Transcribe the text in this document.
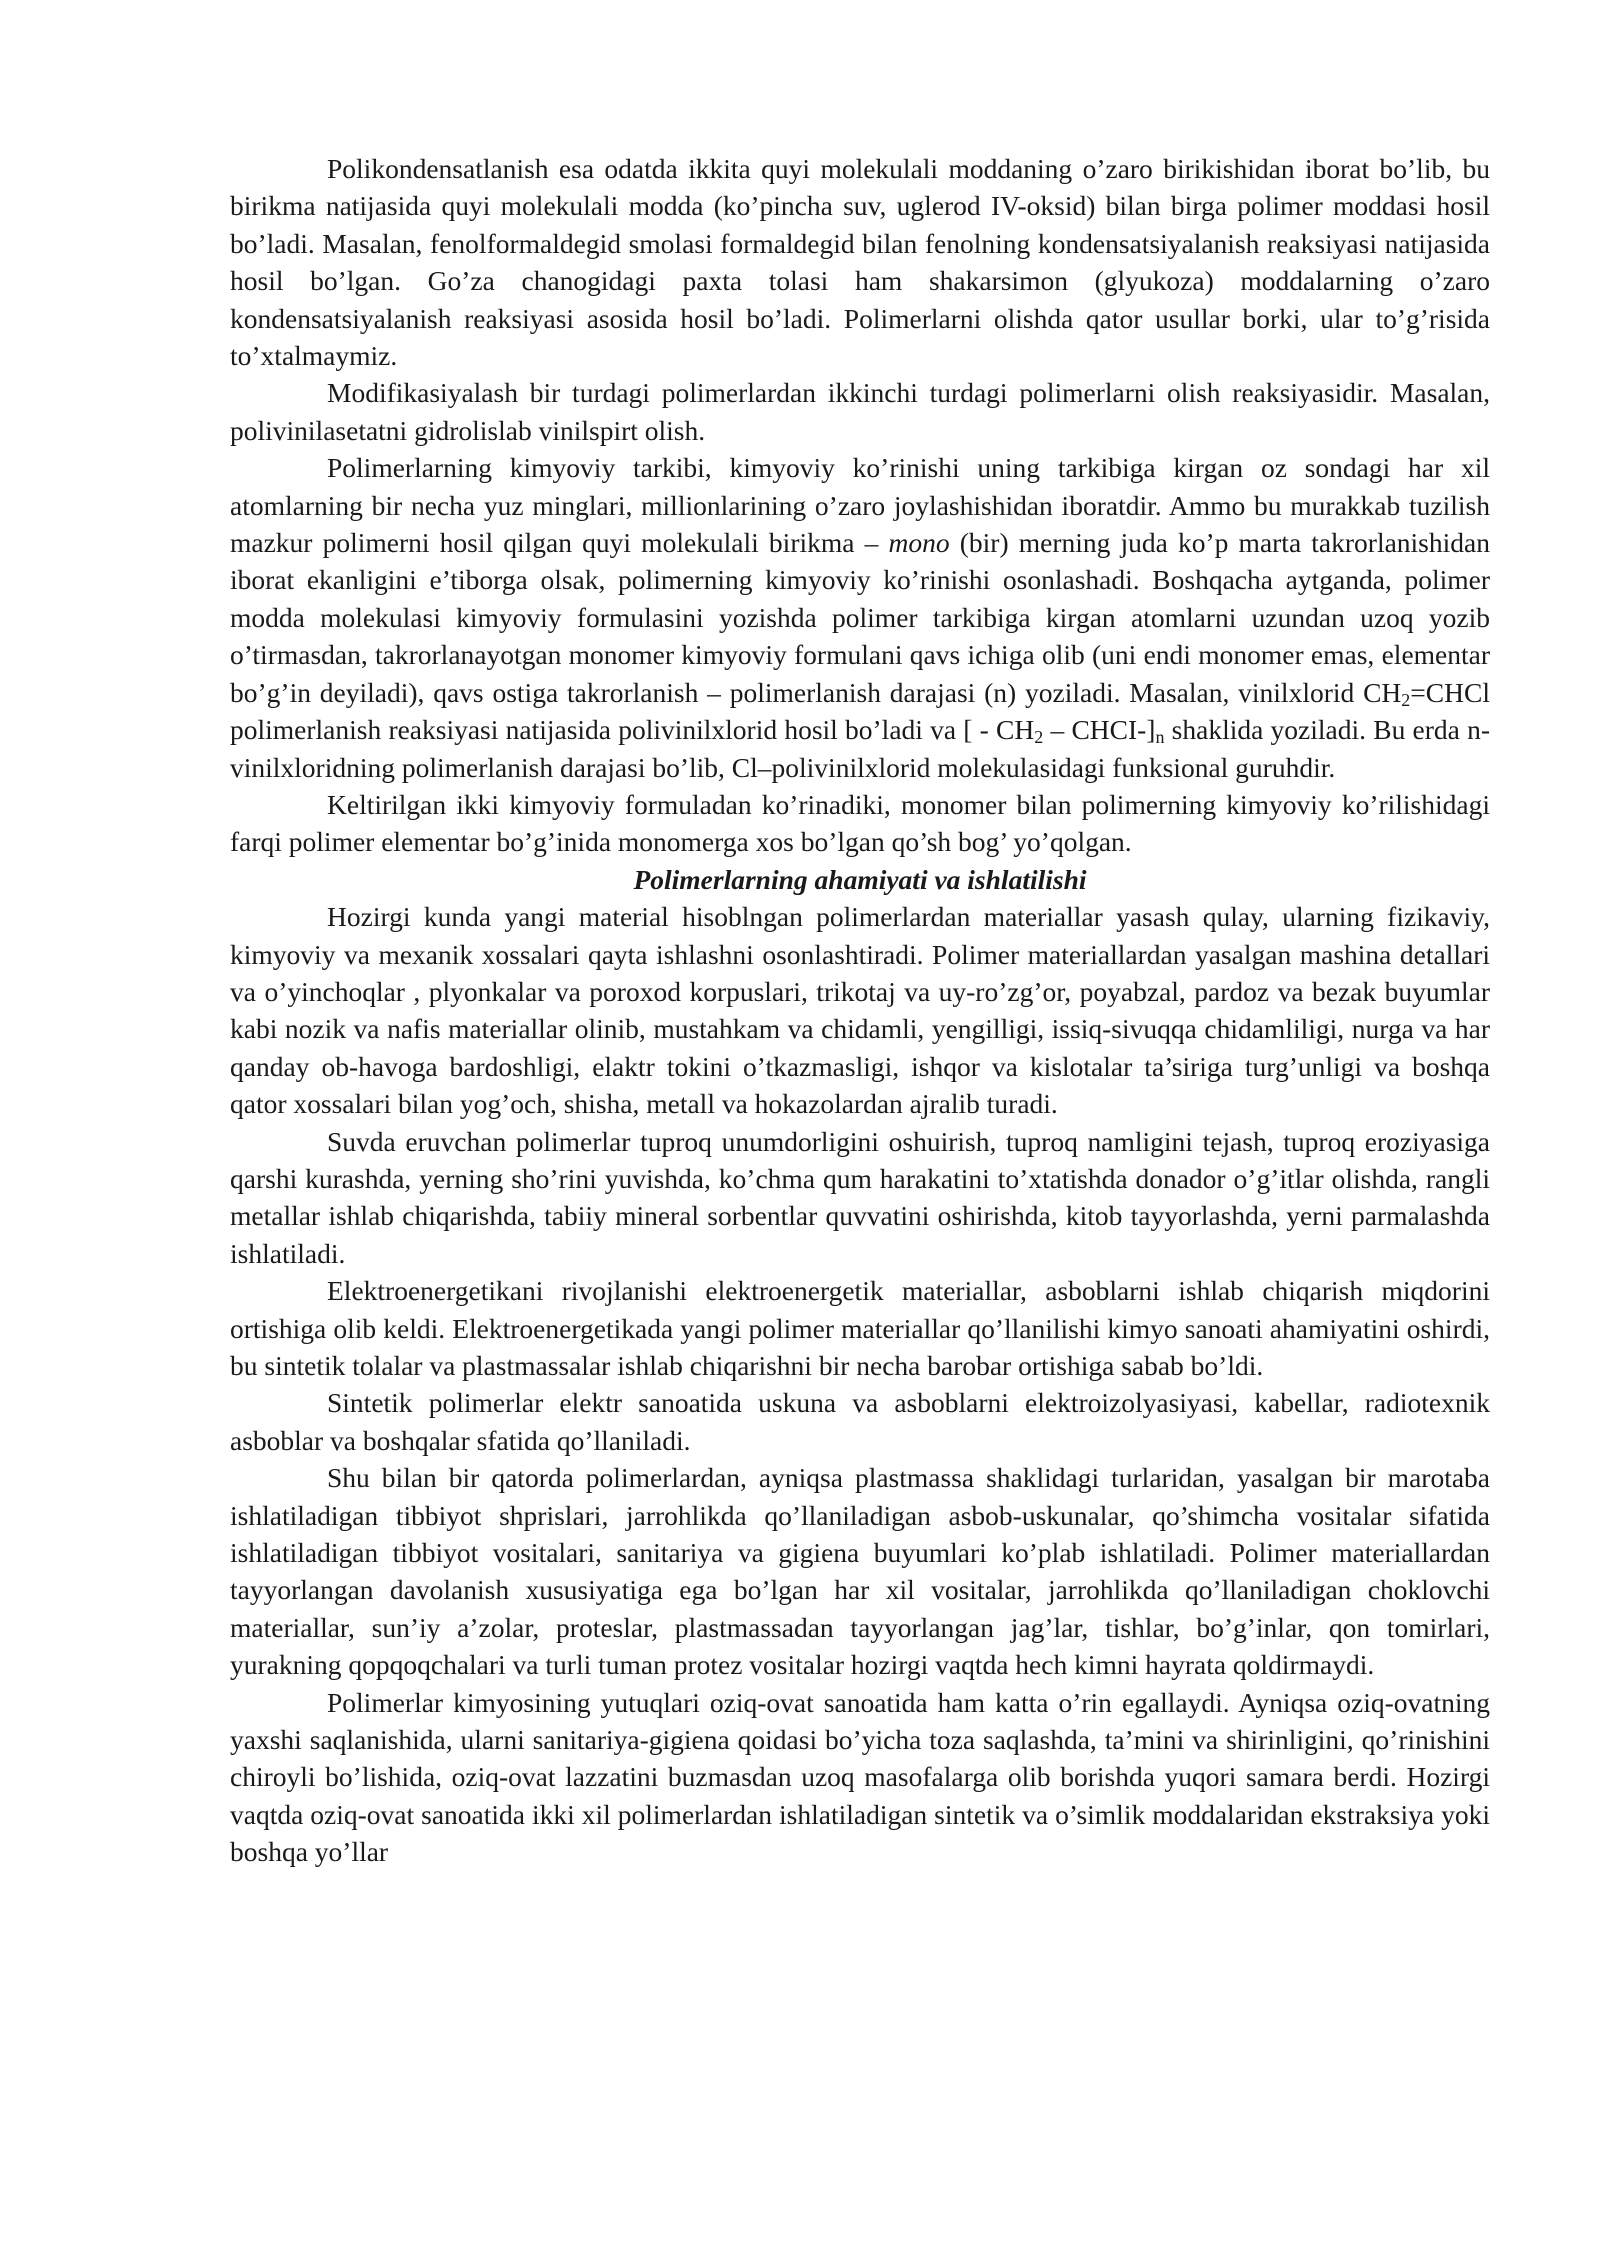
Polikondensatlanish esa odatda ikkita quyi molekulali moddaning o’zaro birikishidan iborat bo’lib, bu birikma natijasida quyi molekulali modda (ko’pincha suv, uglerod IV-oksid) bilan birga polimer moddasi hosil bo’ladi. Masalan, fenolformaldegid smolasi formaldegid bilan fenolning kondensatsiyalanish reaksiyasi natijasida hosil bo’lgan. Go’za chanogidagi paxta tolasi ham shakarsimon (glyukoza) moddalarning o’zaro kondensatsiyalanish reaksiyasi asosida hosil bo’ladi. Polimerlarni olishda qator usullar borki, ular to’g’risida to’xtalmaymiz.

Modifikasiyalash bir turdagi polimerlardan ikkinchi turdagi polimerlarni olish reaksiyasidir. Masalan, polivinilasetatni gidrolislab vinilspirt olish.

Polimerlarning kimyoviy tarkibi, kimyoviy ko’rinishi uning tarkibiga kirgan oz sondagi har xil atomlarning bir necha yuz minglari, millionlarining o’zaro joylashishidan iboratdir. Ammo bu murakkab tuzilish mazkur polimerni hosil qilgan quyi molekulali birikma – mono (bir) merning juda ko’p marta takrorlanishidan iborat ekanligini e’tiborga olsak, polimerning kimyoviy ko’rinishi osonlashadi. Boshqacha aytganda, polimer modda molekulasi kimyoviy formulasini yozishda polimer tarkibiga kirgan atomlarni uzundan uzoq yozib o’tirmasdan, takrorlanayotgan monomer kimyoviy formulani qavs ichiga olib (uni endi monomer emas, elementar bo’g’in deyiladi), qavs ostiga takrorlanish – polimerlanish darajasi (n) yoziladi. Masalan, vinilxlorid $CH_2=CHCl$ polimerlanish reaksiyasi natijasida polivinilxlorid hosil bo’ladi va [ - $CH_2$ – CHCI-]$_n$ shaklida yoziladi. Bu erda n-vinilxloridning polimerlanish darajasi bo’lib, Cl–polivinilxlorid molekulasidagi funksional guruhdir.

Keltirilgan ikki kimyoviy formuladan ko’rinadiki, monomer bilan polimerning kimyoviy ko’rilishidagi farqi polimer elementar bo’g’inida monomerga xos bo’lgan qo’sh bog’ yo’qolgan.

Polimerlarning ahamiyati va ishlatilishi

Hozirgi kunda yangi material hisoblngan polimerlardan materiallar yasash qulay, ularning fizikaviy, kimyoviy va mexanik xossalari qayta ishlashni osonlashtiradi. Polimer materiallardan yasalgan mashina detallari va o’yinchoqlar , plyonkalar va poroxod korpuslari, trikotaj va uy-ro’zg’or, poyabzal, pardoz va bezak buyumlar kabi nozik va nafis materiallar olinib, mustahkam va chidamli, yengilligi, issiq-sivuqqa chidamliligi, nurga va har qanday ob-havoga bardoshligi, elaktr tokini o’tkazmasligi, ishqor va kislotalar ta’siriga turg’unligi va boshqa qator xossalari bilan yog’och, shisha, metall va hokazolardan ajralib turadi.

Suvda eruvchan polimerlar tuproq unumdorligini oshuirish, tuproq namligini tejash, tuproq eroziyasiga qarshi kurashda, yerning sho’rini yuvishda, ko’chma qum harakatini to’xtatishda donador o’g’itlar olishda, rangli metallar ishlab chiqarishda, tabiiy mineral sorbentlar quvvatini oshirishda, kitob tayyorlashda, yerni parmalashda ishlatiladi.

Elektroenergetikani rivojlanishi elektroenergetik materiallar, asboblarni ishlab chiqarish miqdorini ortishiga olib keldi. Elektroenergetikada yangi polimer materiallar qo’llanilishi kimyo sanoati ahamiyatini oshirdi, bu sintetik tolalar va plastmassalar ishlab chiqarishni bir necha barobar ortishiga sabab bo’ldi.

Sintetik polimerlar elektr sanoatida uskuna va asboblarni elektroizolyasiyasi, kabellar, radiotexnik asboblar va boshqalar sfatida qo’llaniladi.

Shu bilan bir qatorda polimerlardan, ayniqsa plastmassa shaklidagi turlaridan, yasalgan bir marotaba ishlatiladigan tibbiyot shprislari, jarrohlikda qo’llaniladigan asbob-uskunalar, qo’shimcha vositalar sifatida ishlatiladigan tibbiyot vositalari, sanitariya va gigiena buyumlari ko’plab ishlatiladi. Polimer materiallardan tayyorlangan davolanish xususiyatiga ega bo’lgan har xil vositalar, jarrohlikda qo’llaniladigan choklovchi materiallar, sun’iy a’zolar, proteslar, plastmassadan tayyorlangan jag’lar, tishlar, bo’g’inlar, qon tomirlari, yurakning qopqoqchalari va turli tuman protez vositalar hozirgi vaqtda hech kimni hayrata qoldirmaydi.

Polimerlar kimyosining yutuqlari oziq-ovat sanoatida ham katta o’rin egallaydi. Ayniqsa oziq-ovatning yaxshi saqlanishida, ularni sanitariya-gigiena qoidasi bo’yicha toza saqlashda, ta’mini va shirinligini, qo’rinishini chiroyli bo’lishida, oziq-ovat lazzatini buzmasdan uzoq masofalarga olib borishda yuqori samara berdi. Hozirgi vaqtda oziq-ovat sanoatida ikki xil polimerlardan ishlatiladigan sintetik va o’simlik moddalaridan ekstraksiya yoki boshqa yo’llar
